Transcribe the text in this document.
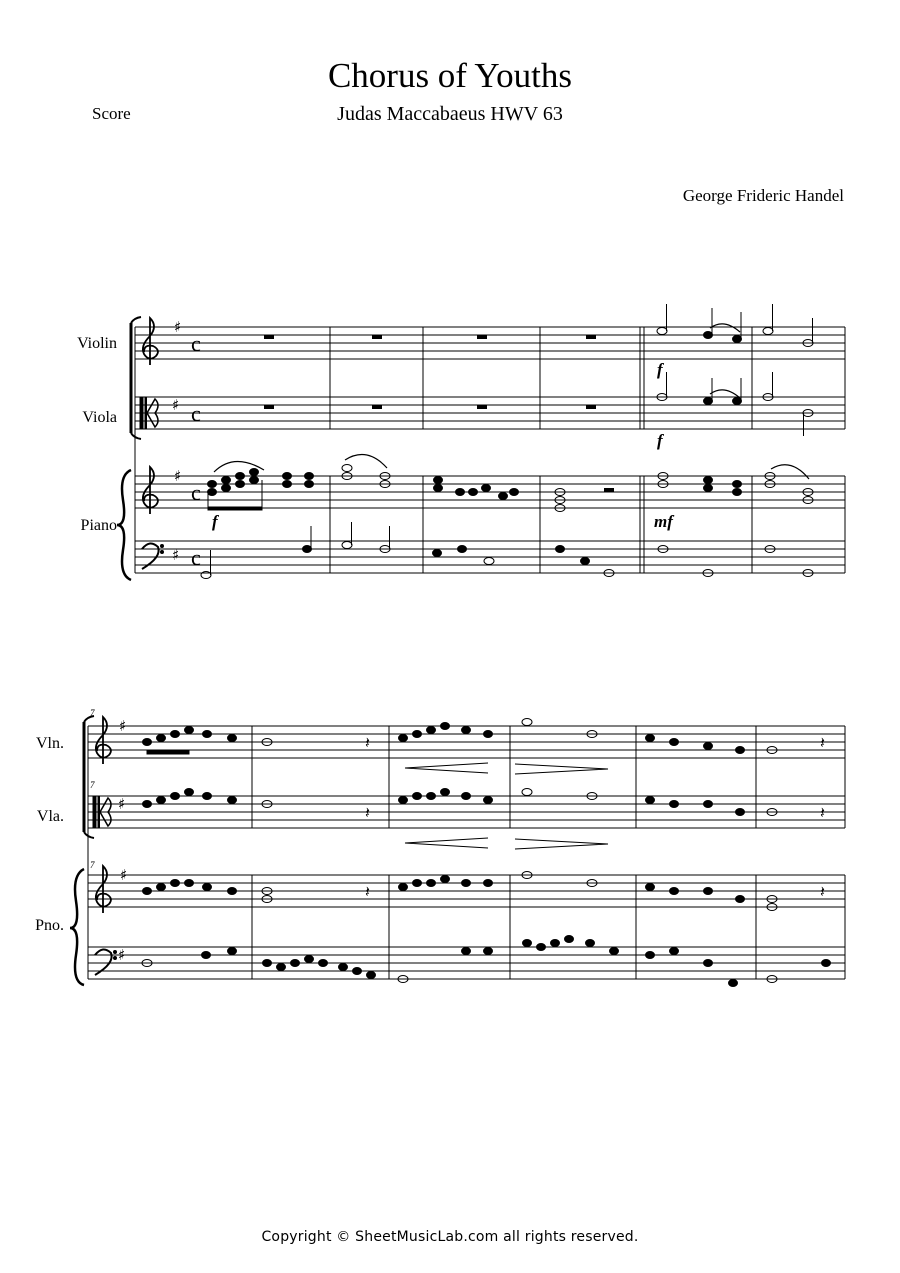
Chorus of Youths
Judas Maccabaeus HWV 63
Score
George Frideric Handel
Violin
Viola
Piano
Vln.
Vla.
Pno.
7
7
7
♯
♯
♯
♯
♯
♯
♯
♯
c
c
c
c
f
f
f	mf
𝄽
𝄽
𝄽
𝄽
𝄽
𝄽
Copyright © SheetMusicLab.com all rights reserved.
